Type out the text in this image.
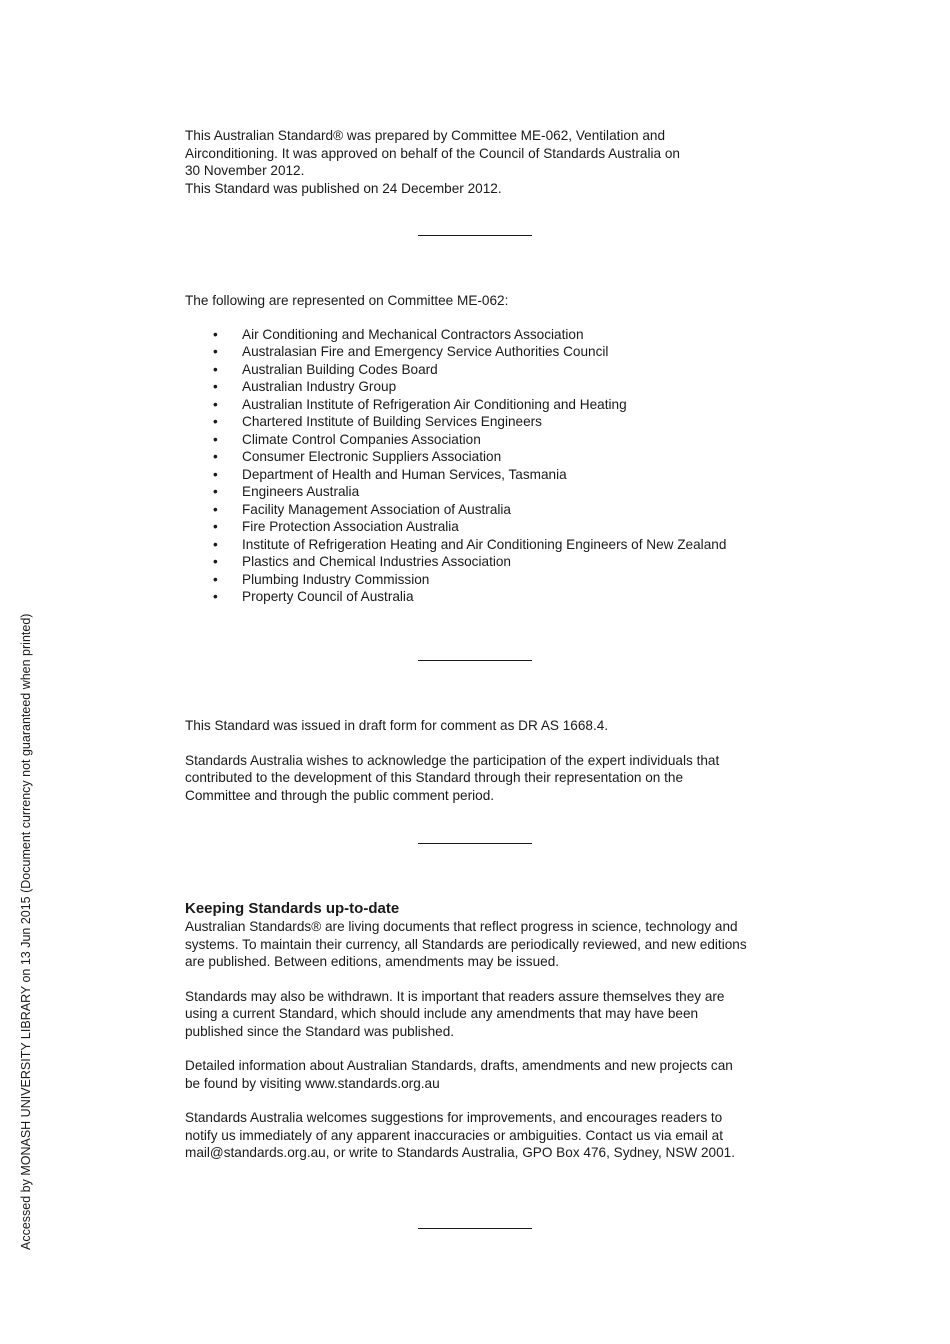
This Australian Standard® was prepared by Committee ME-062, Ventilation and
Airconditioning. It was approved on behalf of the Council of Standards Australia on
30 November 2012.
This Standard was published on 24 December 2012.

The following are represented on Committee ME-062:

• Air Conditioning and Mechanical Contractors Association
• Australasian Fire and Emergency Service Authorities Council
• Australian Building Codes Board
• Australian Industry Group
• Australian Institute of Refrigeration Air Conditioning and Heating
• Chartered Institute of Building Services Engineers
• Climate Control Companies Association
• Consumer Electronic Suppliers Association
• Department of Health and Human Services, Tasmania
• Engineers Australia
• Facility Management Association of Australia
• Fire Protection Association Australia
• Institute of Refrigeration Heating and Air Conditioning Engineers of New Zealand
• Plastics and Chemical Industries Association
• Plumbing Industry Commission
• Property Council of Australia

This Standard was issued in draft form for comment as DR AS 1668.4.

Standards Australia wishes to acknowledge the participation of the expert individuals that
contributed to the development of this Standard through their representation on the
Committee and through the public comment period.

Keeping Standards up-to-date

Australian Standards® are living documents that reflect progress in science, technology and
systems. To maintain their currency, all Standards are periodically reviewed, and new editions
are published. Between editions, amendments may be issued.

Standards may also be withdrawn. It is important that readers assure themselves they are
using a current Standard, which should include any amendments that may have been
published since the Standard was published.

Detailed information about Australian Standards, drafts, amendments and new projects can
be found by visiting www.standards.org.au

Standards Australia welcomes suggestions for improvements, and encourages readers to
notify us immediately of any apparent inaccuracies or ambiguities. Contact us via email at
mail@standards.org.au, or write to Standards Australia, GPO Box 476, Sydney, NSW 2001.

Accessed by MONASH UNIVERSITY LIBRARY on 13 Jun 2015 (Document currency not guaranteed when printed)
